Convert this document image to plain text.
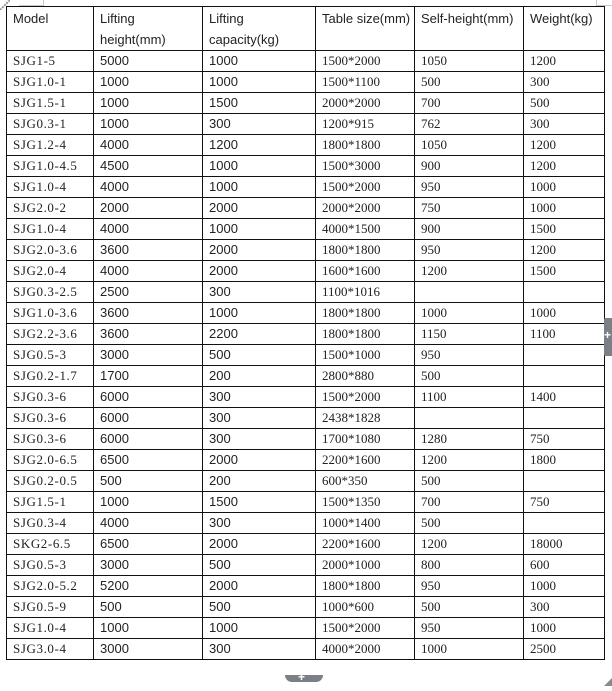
Model	Lifting height(mm)	Lifting capacity(kg)	Table size(mm)	Self-height(mm)	Weight(kg)
SJG1-5	5000	1000	1500*2000	1050	1200
SJG1.0-1	1000	1000	1500*1100	500	300
SJG1.5-1	1000	1500	2000*2000	700	500
SJG0.3-1	1000	300	1200*915	762	300
SJG1.2-4	4000	1200	1800*1800	1050	1200
SJG1.0-4.5	4500	1000	1500*3000	900	1200
SJG1.0-4	4000	1000	1500*2000	950	1000
SJG2.0-2	2000	2000	2000*2000	750	1000
SJG1.0-4	4000	1000	4000*1500	900	1500
SJG2.0-3.6	3600	2000	1800*1800	950	1200
SJG2.0-4	4000	2000	1600*1600	1200	1500
SJG0.3-2.5	2500	300	1100*1016		
SJG1.0-3.6	3600	1000	1800*1800	1000	1000
SJG2.2-3.6	3600	2200	1800*1800	1150	1100
SJG0.5-3	3000	500	1500*1000	950	
SJG0.2-1.7	1700	200	2800*880	500	
SJG0.3-6	6000	300	1500*2000	1100	1400
SJG0.3-6	6000	300	2438*1828		
SJG0.3-6	6000	300	1700*1080	1280	750
SJG2.0-6.5	6500	2000	2200*1600	1200	1800
SJG0.2-0.5	500	200	600*350	500	
SJG1.5-1	1000	1500	1500*1350	700	750
SJG0.3-4	4000	300	1000*1400	500	
SKG2-6.5	6500	2000	2200*1600	1200	18000
SJG0.5-3	3000	500	2000*1000	800	600
SJG2.0-5.2	5200	2000	1800*1800	950	1000
SJG0.5-9	500	500	1000*600	500	300
SJG1.0-4	1000	1000	1500*2000	950	1000
SJG3.0-4	3000	300	4000*2000	1000	2500
+
+
